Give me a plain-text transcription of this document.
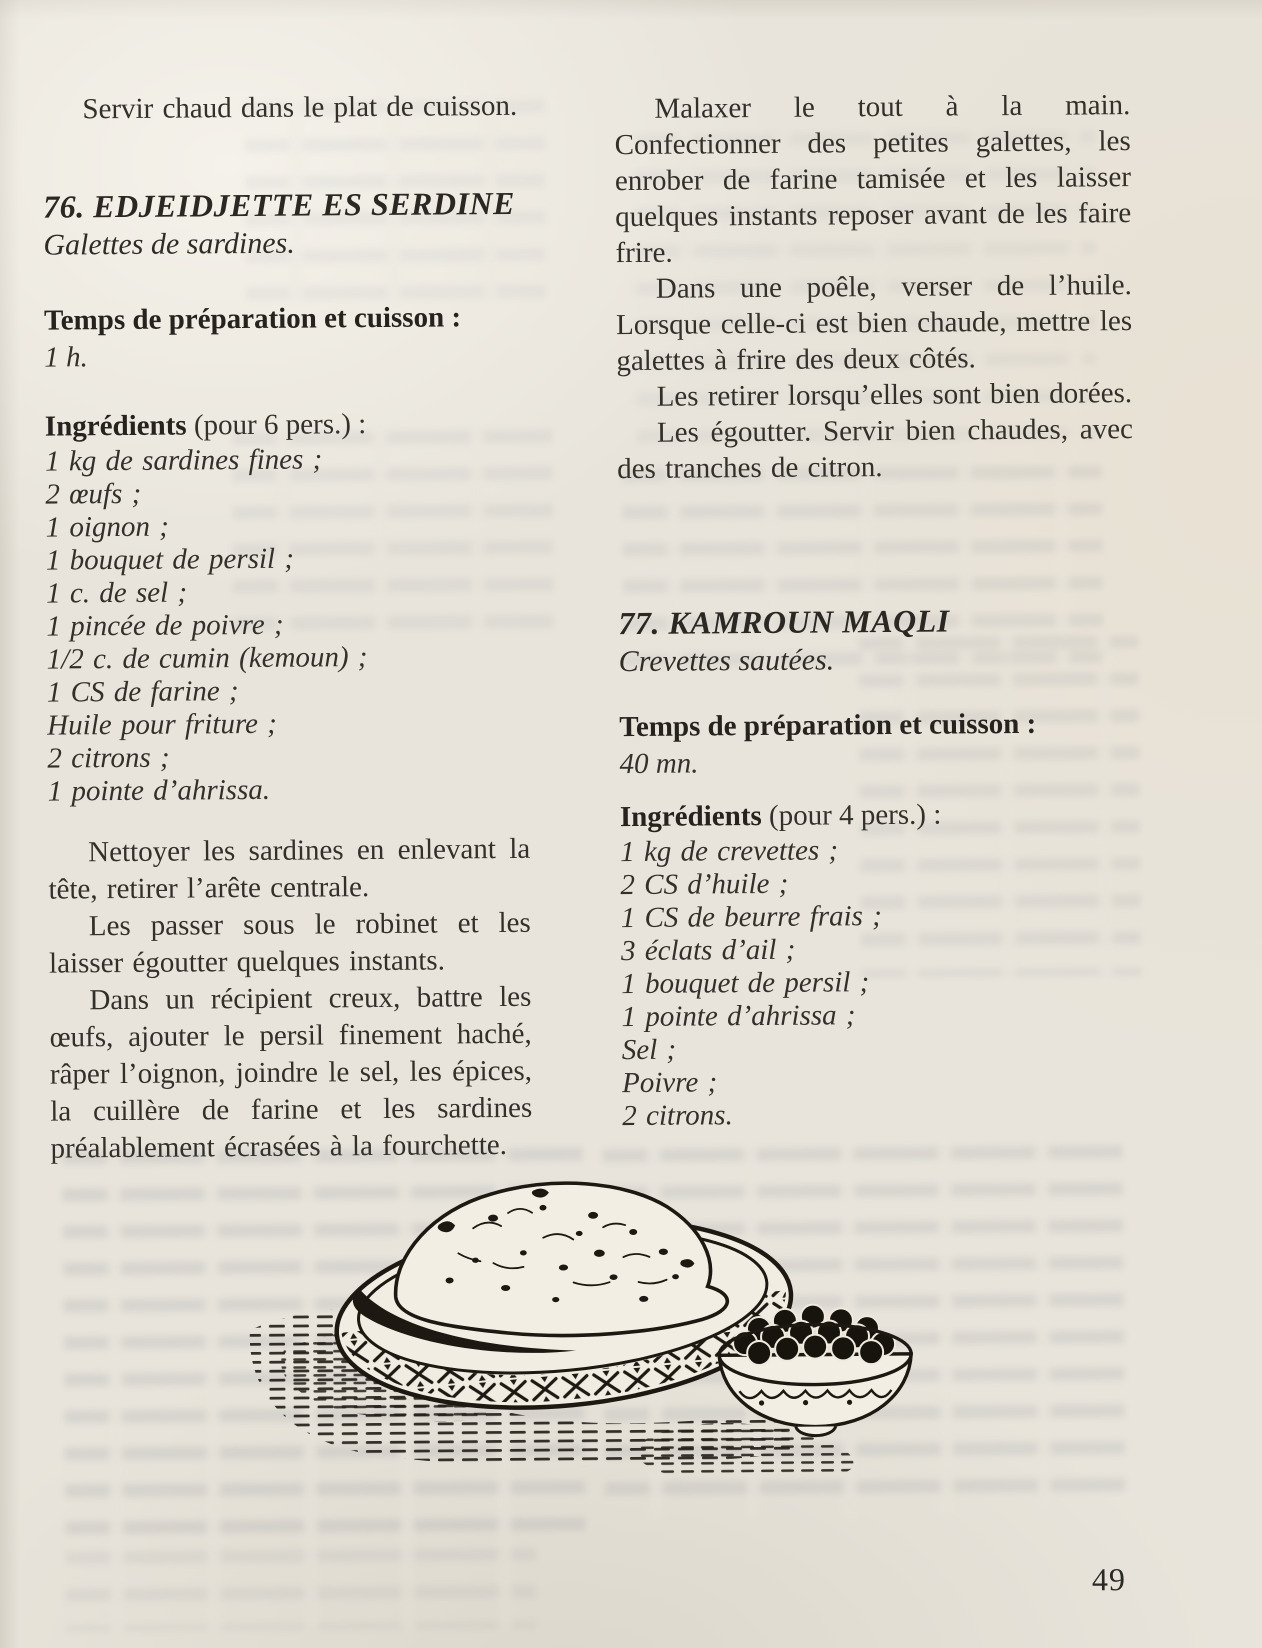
Servir chaud dans le plat de cuisson.

76. EDJEIDJETTE ES SERDINE

Galettes de sardines.

Temps de préparation et cuisson :

1 h.

Ingrédients (pour 6 pers.) :

1 kg de sardines fines ;

2 œufs ;

1 oignon ;

1 bouquet de persil ;

1 c. de sel ;

1 pincée de poivre ;

1/2 c. de cumin (kemoun) ;

1 CS de farine ;

Huile pour friture ;

2 citrons ;

1 pointe d’ahrissa.

Nettoyer les sardines en enlevant la tête, retirer l’arête centrale.

Les passer sous le robinet et les laisser égoutter quelques instants.

Dans un récipient creux, battre les œufs, ajouter le persil finement haché, râper l’oignon, joindre le sel, les épices, la cuillère de farine et les sardines préalablement écrasées à la fourchette.

Malaxer le tout à la main. Confectionner des petites galettes, les enrober de farine tamisée et les laisser quelques instants reposer avant de les faire frire.

Dans une poêle, verser de l’huile. Lorsque celle-ci est bien chaude, mettre les galettes à frire des deux côtés.

Les retirer lorsqu’elles sont bien dorées.

Les égoutter. Servir bien chaudes, avec des tranches de citron.

77. KAMROUN MAQLI

Crevettes sautées.

Temps de préparation et cuisson :

40 mn.

Ingrédients (pour 4 pers.) :

1 kg de crevettes ;

2 CS d’huile ;

1 CS de beurre frais ;

3 éclats d’ail ;

1 bouquet de persil ;

1 pointe d’ahrissa ;

Sel ;

Poivre ;

2 citrons.

49
